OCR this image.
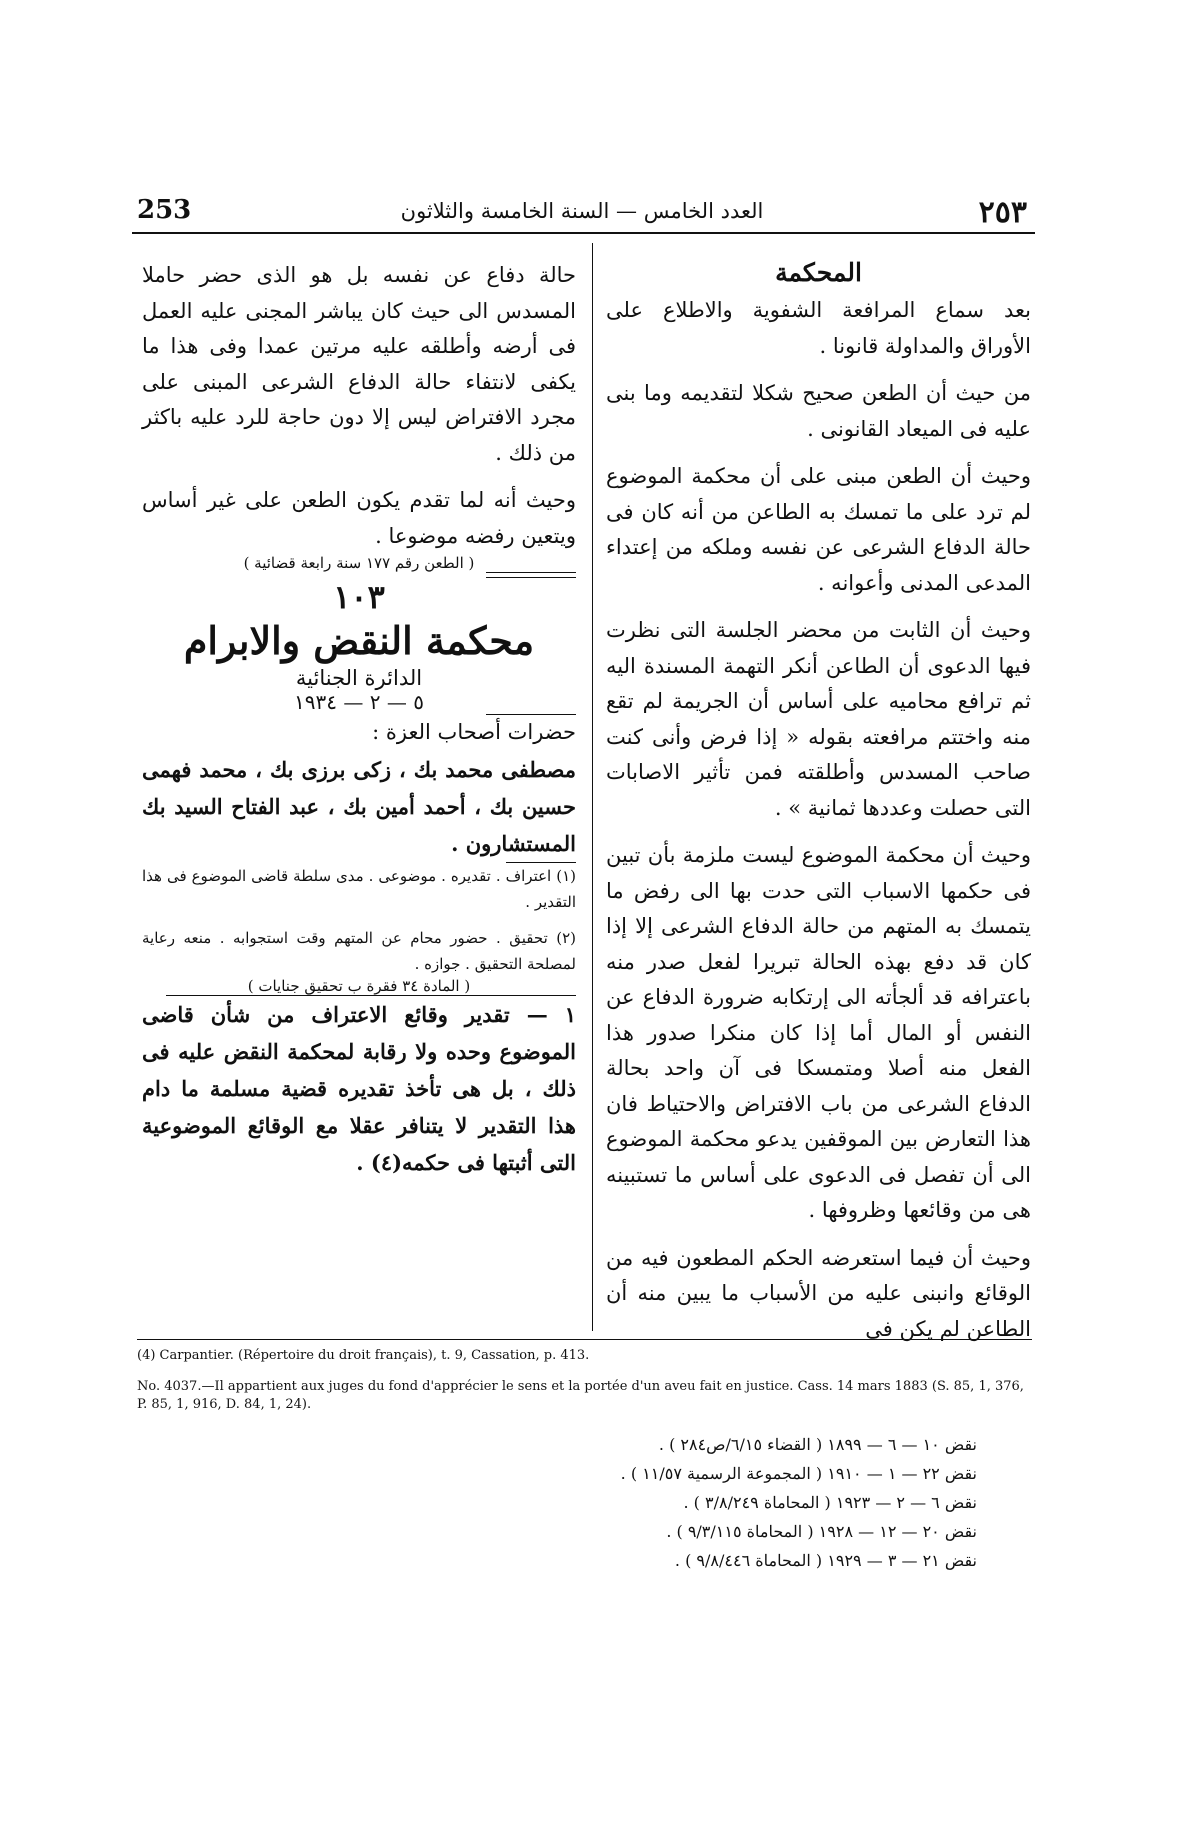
٢٥٣
العدد الخامس — السنة الخامسة والثلاثون
253
المحكمة

بعد سماع المرافعة الشفوية والاطلاع على الأوراق والمداولة قانونا .

من حيث أن الطعن صحيح شكلا لتقديمه وما بنى عليه فى الميعاد القانونى .

وحيث أن الطعن مبنى على أن محكمة الموضوع لم ترد على ما تمسك به الطاعن من أنه كان فى حالة الدفاع الشرعى عن نفسه وملكه من إعتداء المدعى المدنى وأعوانه .

وحيث أن الثابت من محضر الجلسة التى نظرت فيها الدعوى أن الطاعن أنكر التهمة المسندة اليه ثم ترافع محاميه على أساس أن الجريمة لم تقع منه واختتم مرافعته بقوله « إذا فرض وأنى كنت صاحب المسدس وأطلقته فمن تأثير الاصابات التى حصلت وعددها ثمانية » .

وحيث أن محكمة الموضوع ليست ملزمة بأن تبين فى حكمها الاسباب التى حدت بها الى رفض ما يتمسك به المتهم من حالة الدفاع الشرعى إلا إذا كان قد دفع بهذه الحالة تبريرا لفعل صدر منه باعترافه قد ألجأته الى إرتكابه ضرورة الدفاع عن النفس أو المال أما إذا كان منكرا صدور هذا الفعل منه أصلا ومتمسكا فى آن واحد بحالة الدفاع الشرعى من باب الافتراض والاحتياط فان هذا التعارض بين الموقفين يدعو محكمة الموضوع الى أن تفصل فى الدعوى على أساس ما تستبينه هى من وقائعها وظروفها .

وحيث أن فيما استعرضه الحكم المطعون فيه من الوقائع وانبنى عليه من الأسباب ما يبين منه أن الطاعن لم يكن فى

حالة دفاع عن نفسه بل هو الذى حضر حاملا المسدس الى حيث كان يباشر المجنى عليه العمل فى أرضه وأطلقه عليه مرتين عمدا وفى هذا ما يكفى لانتفاء حالة الدفاع الشرعى المبنى على مجرد الافتراض ليس إلا دون حاجة للرد عليه باكثر من ذلك .

وحيث أنه لما تقدم يكون الطعن على غير أساس ويتعين رفضه موضوعا .

( الطعن رقم ١٧٧ سنة رابعة قضائية )
١٠٣
محكمة النقض والابرام
الدائرة الجنائية
٥ — ٢ — ١٩٣٤
حضرات أصحاب العزة :
مصطفى محمد بك ، زكى برزى بك ، محمد فهمى حسين بك ، أحمد أمين بك ، عبد الفتاح السيد بك المستشارون .
(١) اعتراف . تقديره . موضوعى . مدى سلطة قاضى الموضوع فى هذا التقدير .
(٢) تحقيق . حضور محام عن المتهم وقت استجوابه . منعه رعاية لمصلحة التحقيق . جوازه .
( المادة ٣٤ فقرة ب تحقيق جنايات )

١ — تقدير وقائع الاعتراف من شأن قاضى الموضوع وحده ولا رقابة لمحكمة النقض عليه فى ذلك ، بل هى تأخذ تقديره قضية مسلمة ما دام هذا التقدير لا يتنافر عقلا مع الوقائع الموضوعية التى أثبتها فى حكمه(٤) .

(4) Carpantier. (Répertoire du droit français), t. 9, Cassation, p. 413.
No. 4037.—Il appartient aux juges du fond d'apprécier le sens et la portée d'un aveu fait en justice. Cass. 14 mars 1883 (S. 85, 1, 376, P. 85, 1, 916, D. 84, 1, 24).
نقض ١٠ — ٦ — ١٨٩٩ ( القضاء ٦/١٥/ص٢٨٤ ) .
نقض ٢٢ — ١ — ١٩١٠ ( المجموعة الرسمية ١١/٥٧ ) .
نقض ٦ — ٢ — ١٩٢٣ ( المحاماة ٣/٨/٢٤٩ ) .
نقض ٢٠ — ١٢ — ١٩٢٨ ( المحاماة ٩/٣/١١٥ ) .
نقض ٢١ — ٣ — ١٩٢٩ ( المحاماة ٩/٨/٤٤٦ ) .
